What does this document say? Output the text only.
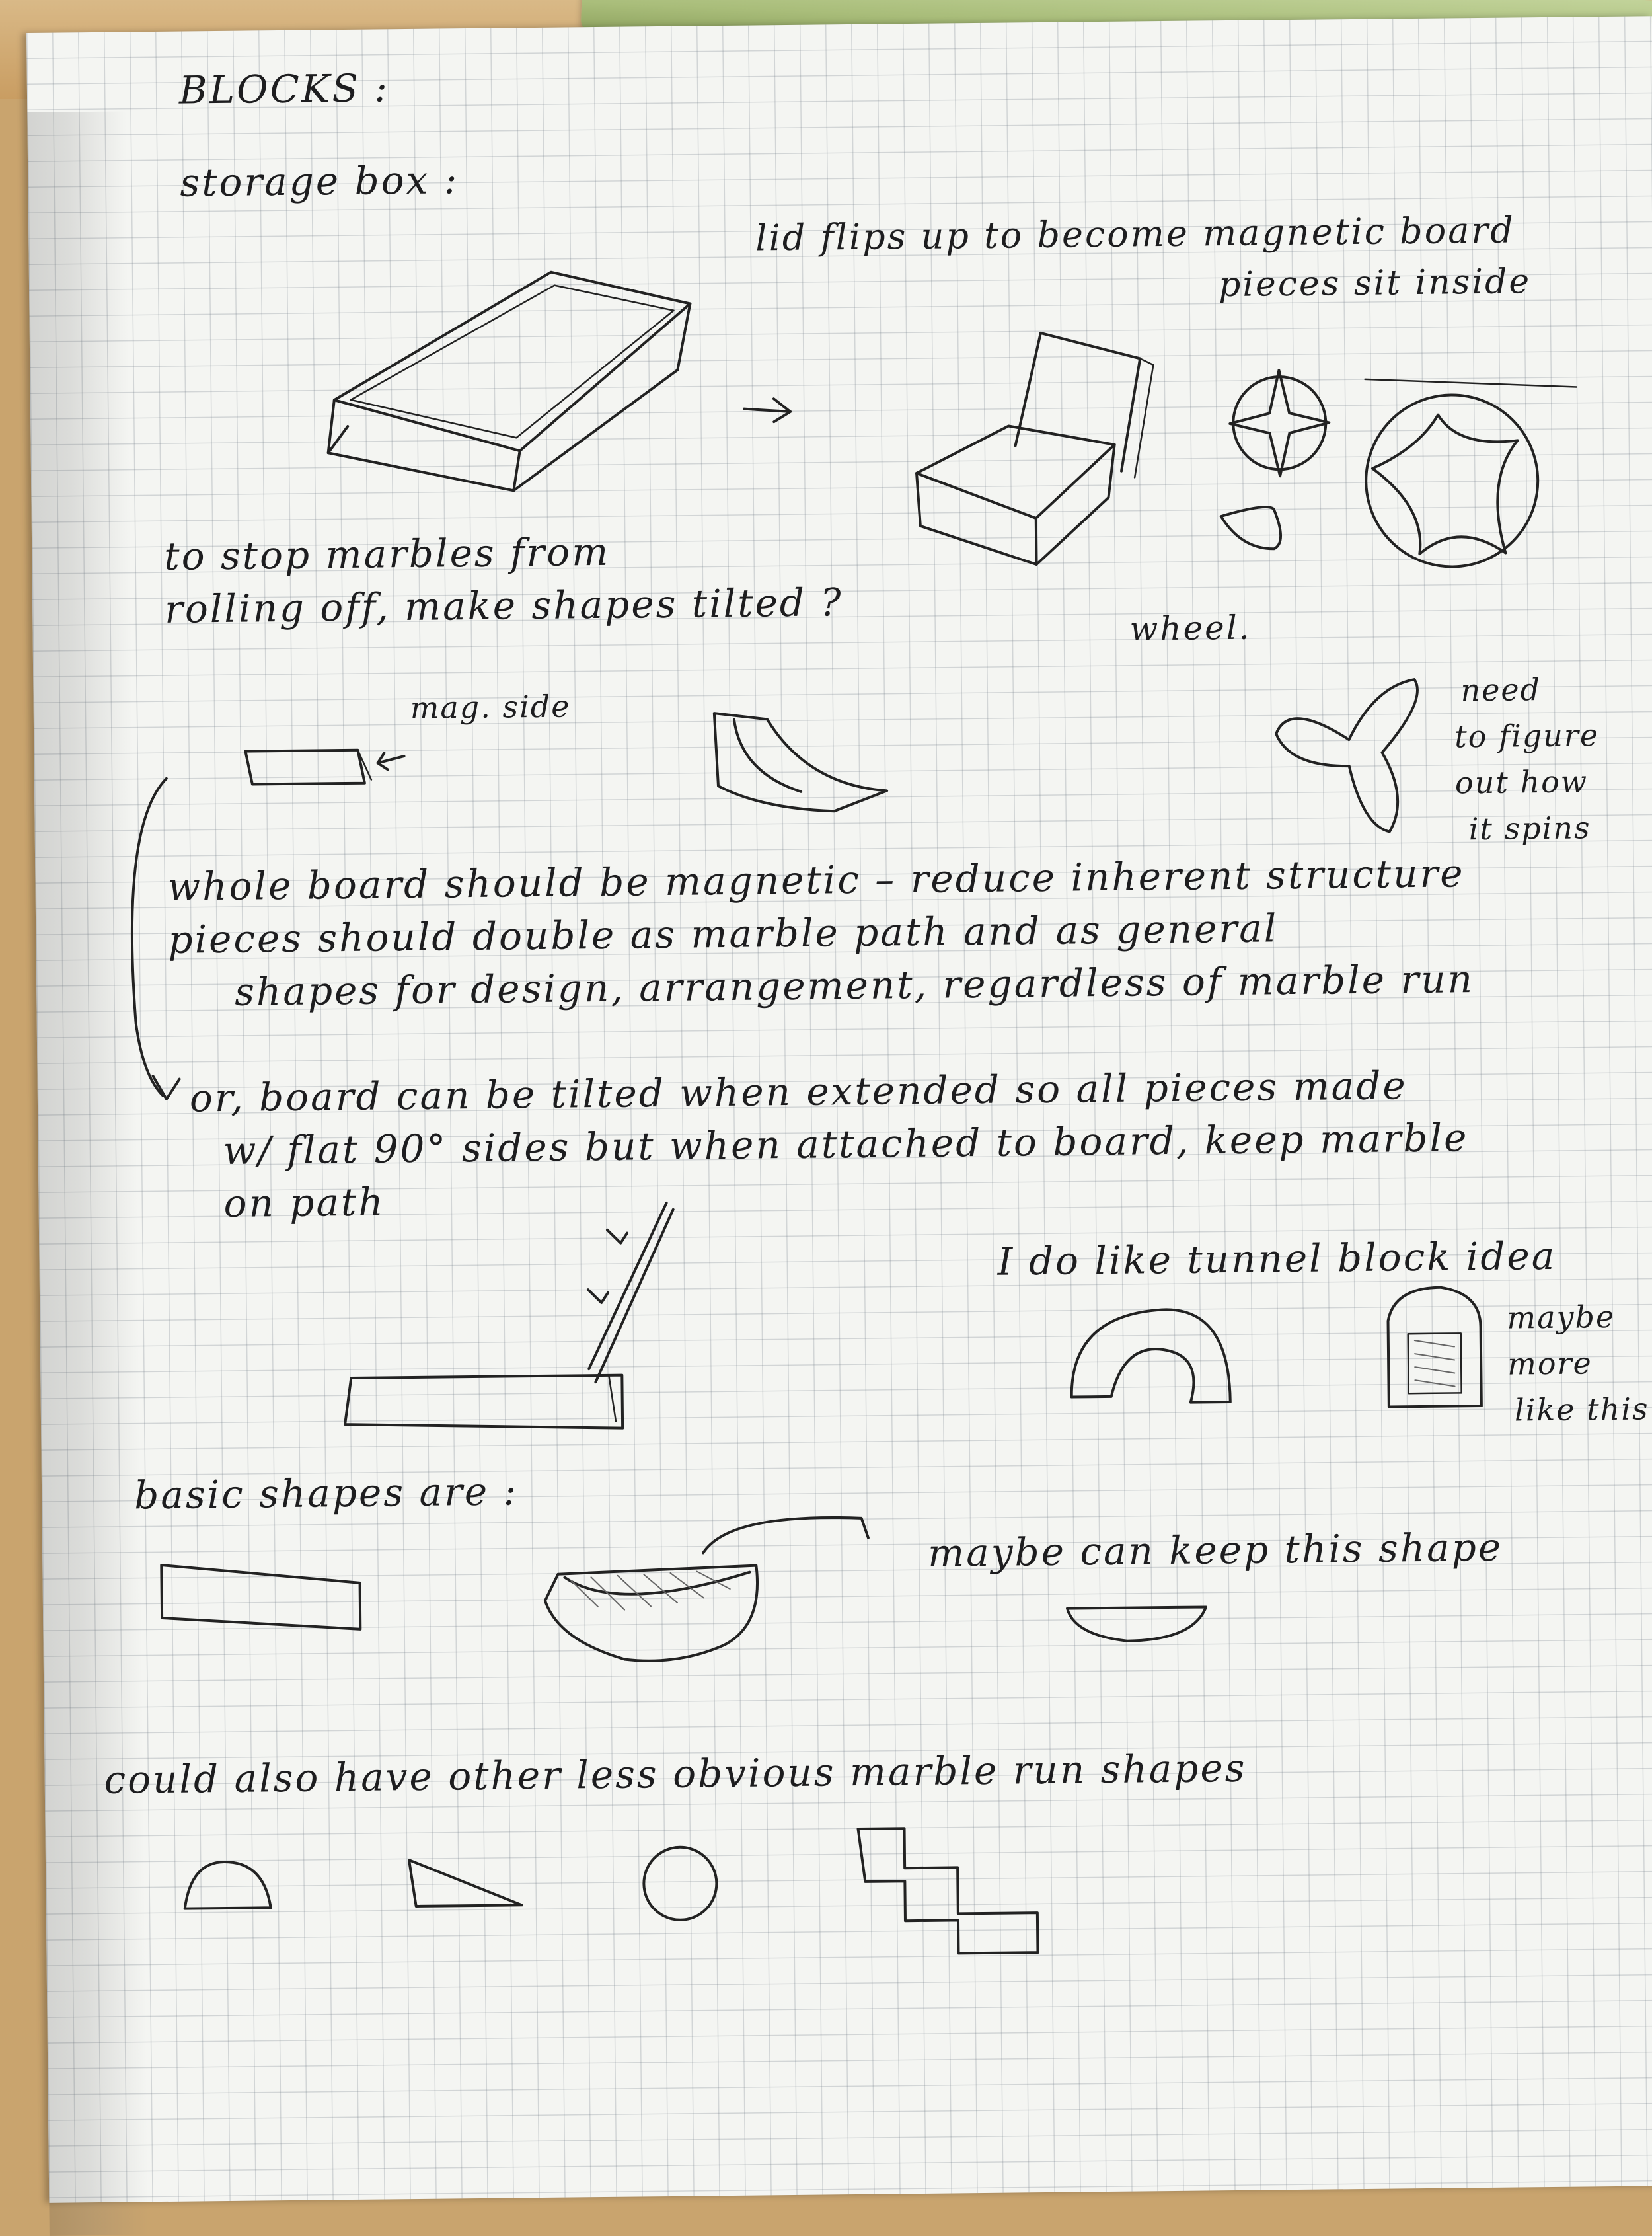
BLOCKS :
storage box :
lid flips up to become magnetic board
pieces sit inside
to stop marbles from
rolling off, make shapes tilted ?	wheel.
mag. side	need
to figure
out how
it spins
whole board should be magnetic – reduce inherent structure
pieces should double as marble path and as general
shapes for design, arrangement, regardless of marble run
or, board can be tilted when extended so all pieces made
w/ flat 90° sides but when attached to board, keep marble
on path
I do like tunnel block idea
maybe
more
like this
basic shapes are :
maybe can keep this shape
could also have other less obvious marble run shapes
